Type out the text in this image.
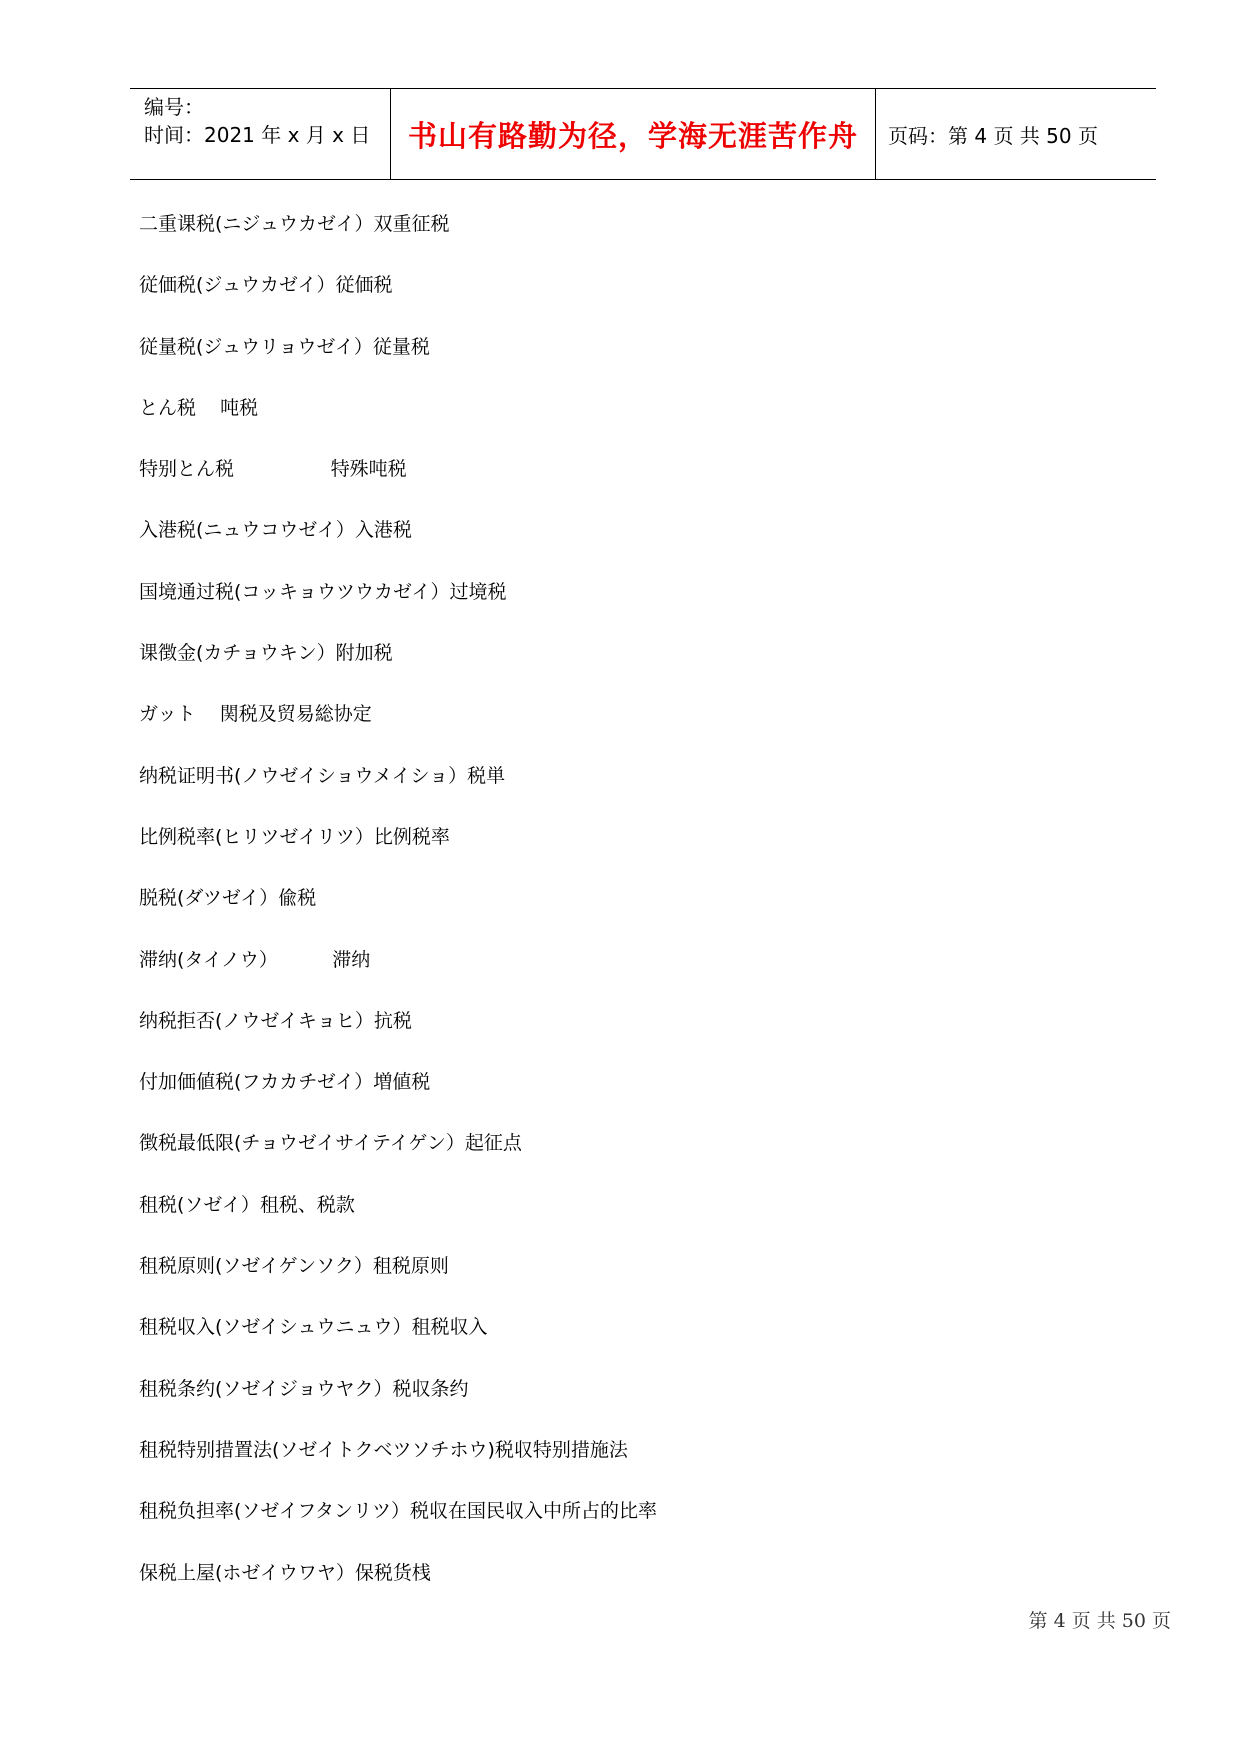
编号：
时间：2021 年 x 月 x 日	书山有路勤为径，学海无涯苦作舟	页码：第 4 页 共 50 页
二重课税(ニジュウカゼイ）双重征税
従価税(ジュウカゼイ）従価税
従量税(ジュウリョウゼイ）従量税
とん税    吨税
特别とん税                特殊吨税
入港税(ニュウコウゼイ）入港税
国境通过税(コッキョウツウカゼイ）过境税
课徴金(カチョウキン）附加税
ガット    関税及贸易総协定
纳税证明书(ノウゼイショウメイショ）税単
比例税率(ヒリツゼイリツ）比例税率
脱税(ダツゼイ）偸税
滞纳(タイノウ）         滞纳
纳税拒否(ノウゼイキョヒ）抗税
付加価値税(フカカチゼイ）増値税
徴税最低限(チョウゼイサイテイゲン）起征点
租税(ソゼイ）租税、税款
租税原则(ソゼイゲンソク）租税原则
租税収入(ソゼイシュウニュウ）租税収入
租税条约(ソゼイジョウヤク）税収条约
租税特别措置法(ソゼイトクベツソチホウ)税収特别措施法
租税负担率(ソゼイフタンリツ）税収在国民収入中所占的比率
保税上屋(ホゼイウワヤ）保税货桟
第 4 页 共 50 页
